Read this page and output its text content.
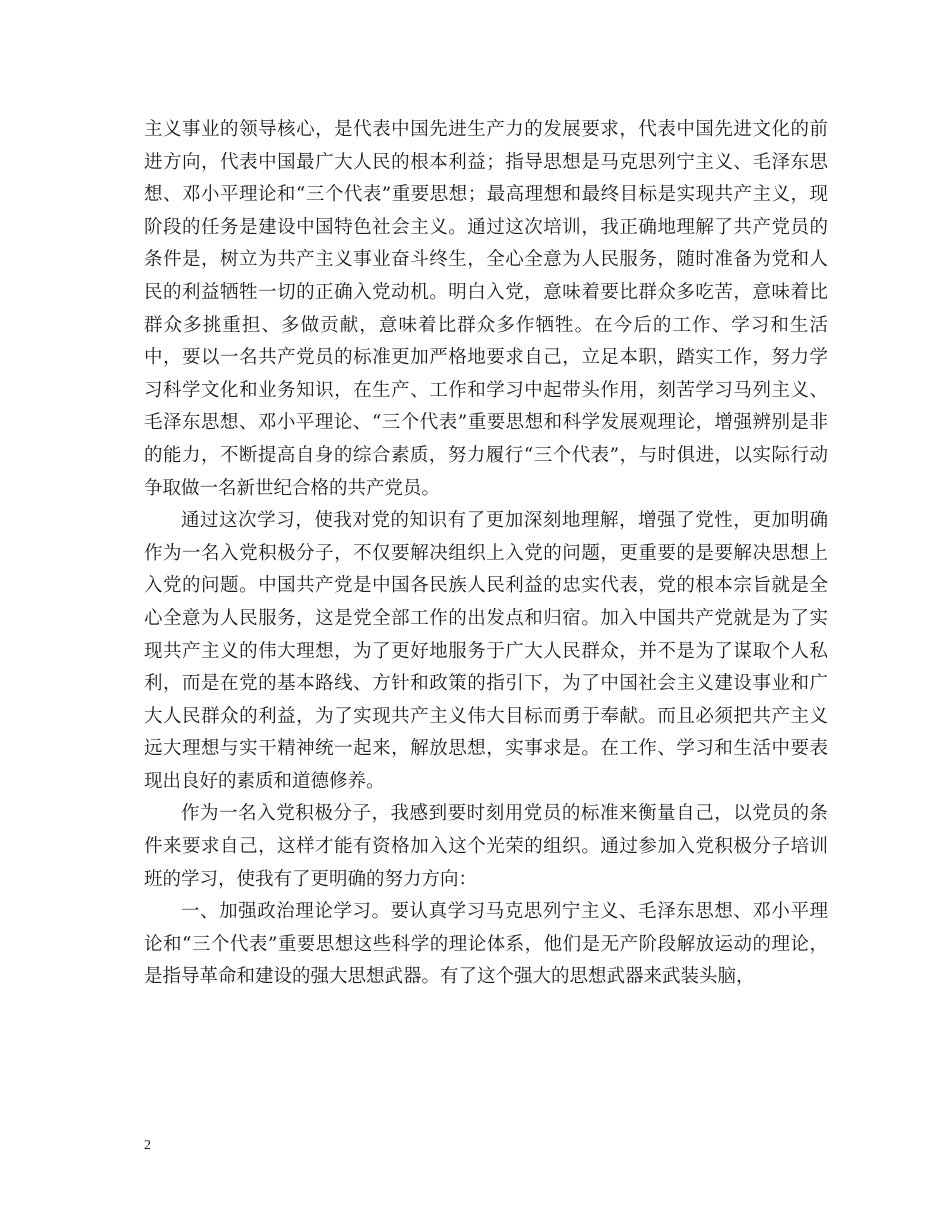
主义事业的领导核心，是代表中国先进生产力的发展要求，代表中国先进文化的前进方向，代表中国最广大人民的根本利益；指导思想是马克思列宁主义、毛泽东思想、邓小平理论和“三个代表”重要思想；最高理想和最终目标是实现共产主义，现阶段的任务是建设中国特色社会主义。通过这次培训，我正确地理解了共产党员的条件是，树立为共产主义事业奋斗终生，全心全意为人民服务，随时准备为党和人民的利益牺牲一切的正确入党动机。明白入党，意味着要比群众多吃苦，意味着比群众多挑重担、多做贡献，意味着比群众多作牺牲。在今后的工作、学习和生活中，要以一名共产党员的标准更加严格地要求自己，立足本职，踏实工作，努力学习科学文化和业务知识，在生产、工作和学习中起带头作用，刻苦学习马列主义、毛泽东思想、邓小平理论、“三个代表”重要思想和科学发展观理论，增强辨别是非的能力，不断提高自身的综合素质，努力履行“三个代表”，与时俱进，以实际行动争取做一名新世纪合格的共产党员。

通过这次学习，使我对党的知识有了更加深刻地理解，增强了党性，更加明确作为一名入党积极分子，不仅要解决组织上入党的问题，更重要的是要解决思想上入党的问题。中国共产党是中国各民族人民利益的忠实代表，党的根本宗旨就是全心全意为人民服务，这是党全部工作的出发点和归宿。加入中国共产党就是为了实现共产主义的伟大理想，为了更好地服务于广大人民群众，并不是为了谋取个人私利，而是在党的基本路线、方针和政策的指引下，为了中国社会主义建设事业和广大人民群众的利益，为了实现共产主义伟大目标而勇于奉献。而且必须把共产主义远大理想与实干精神统一起来，解放思想，实事求是。在工作、学习和生活中要表现出良好的素质和道德修养。

作为一名入党积极分子，我感到要时刻用党员的标准来衡量自己，以党员的条件来要求自己，这样才能有资格加入这个光荣的组织。通过参加入党积极分子培训班的学习，使我有了更明确的努力方向：

一、加强政治理论学习。要认真学习马克思列宁主义、毛泽东思想、邓小平理论和“三个代表”重要思想这些科学的理论体系，他们是无产阶段解放运动的理论，是指导革命和建设的强大思想武器。有了这个强大的思想武器来武装头脑，

2
